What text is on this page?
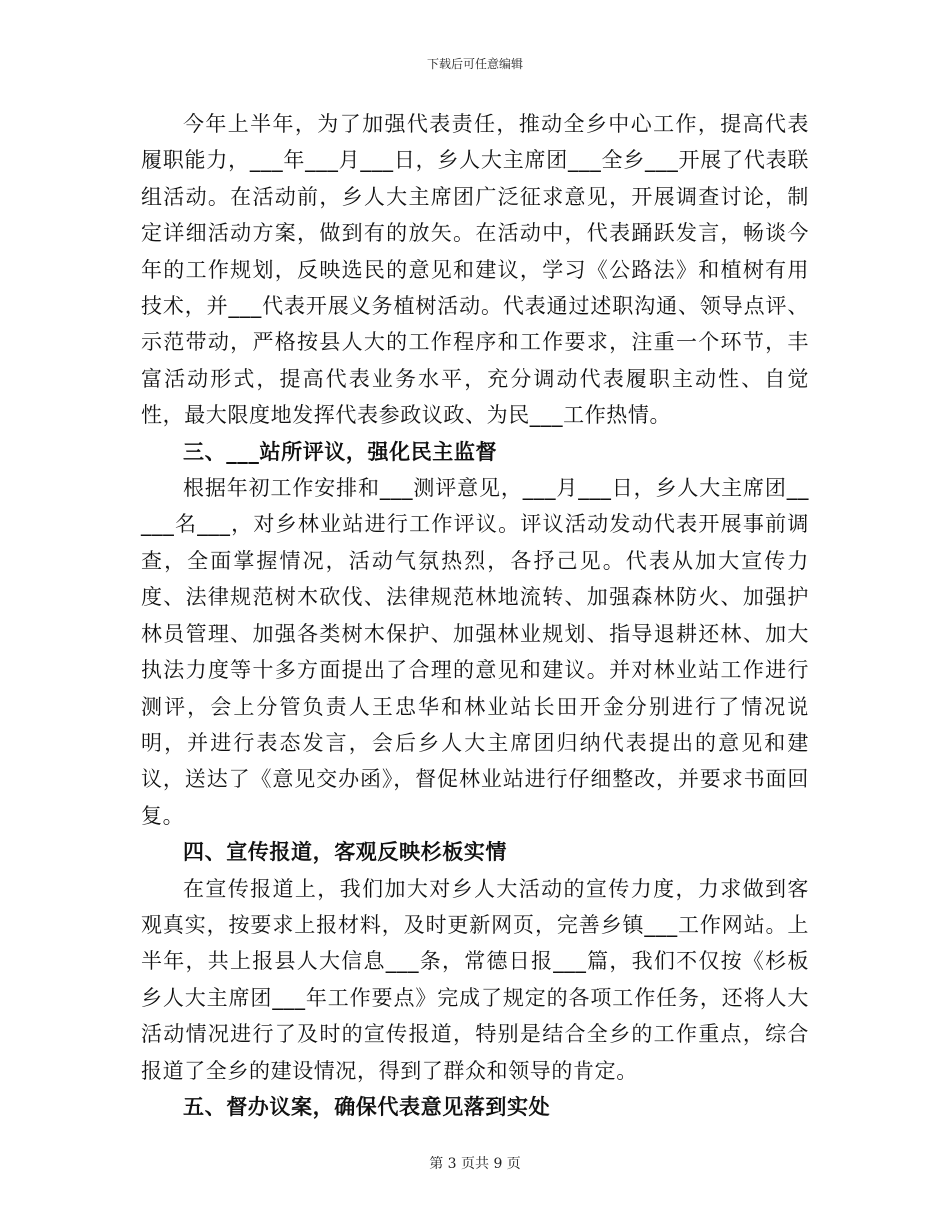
下载后可任意编辑

今年上半年，为了加强代表责任，推动全乡中心工作，提高代表履职能力，___年___月___日，乡人大主席团___全乡___开展了代表联组活动。在活动前，乡人大主席团广泛征求意见，开展调查讨论，制定详细活动方案，做到有的放矢。在活动中，代表踊跃发言，畅谈今年的工作规划，反映选民的意见和建议，学习《公路法》和植树有用技术，并___代表开展义务植树活动。代表通过述职沟通、领导点评、示范带动，严格按县人大的工作程序和工作要求，注重一个环节，丰富活动形式，提高代表业务水平，充分调动代表履职主动性、自觉性，最大限度地发挥代表参政议政、为民___工作热情。

三、___站所评议，强化民主监督

根据年初工作安排和___测评意见，___月___日，乡人大主席团_____名___，对乡林业站进行工作评议。评议活动发动代表开展事前调查，全面掌握情况，活动气氛热烈，各抒己见。代表从加大宣传力度、法律规范树木砍伐、法律规范林地流转、加强森林防火、加强护林员管理、加强各类树木保护、加强林业规划、指导退耕还林、加大执法力度等十多方面提出了合理的意见和建议。并对林业站工作进行测评，会上分管负责人王忠华和林业站长田开金分别进行了情况说明，并进行表态发言，会后乡人大主席团归纳代表提出的意见和建议，送达了《意见交办函》，督促林业站进行仔细整改，并要求书面回复。

四、宣传报道，客观反映杉板实情

在宣传报道上，我们加大对乡人大活动的宣传力度，力求做到客观真实，按要求上报材料，及时更新网页，完善乡镇___工作网站。上半年，共上报县人大信息___条，常德日报___篇，我们不仅按《杉板乡人大主席团___年工作要点》完成了规定的各项工作任务，还将人大活动情况进行了及时的宣传报道，特别是结合全乡的工作重点，综合报道了全乡的建设情况，得到了群众和领导的肯定。

五、督办议案，确保代表意见落到实处

第 3 页共 9 页
